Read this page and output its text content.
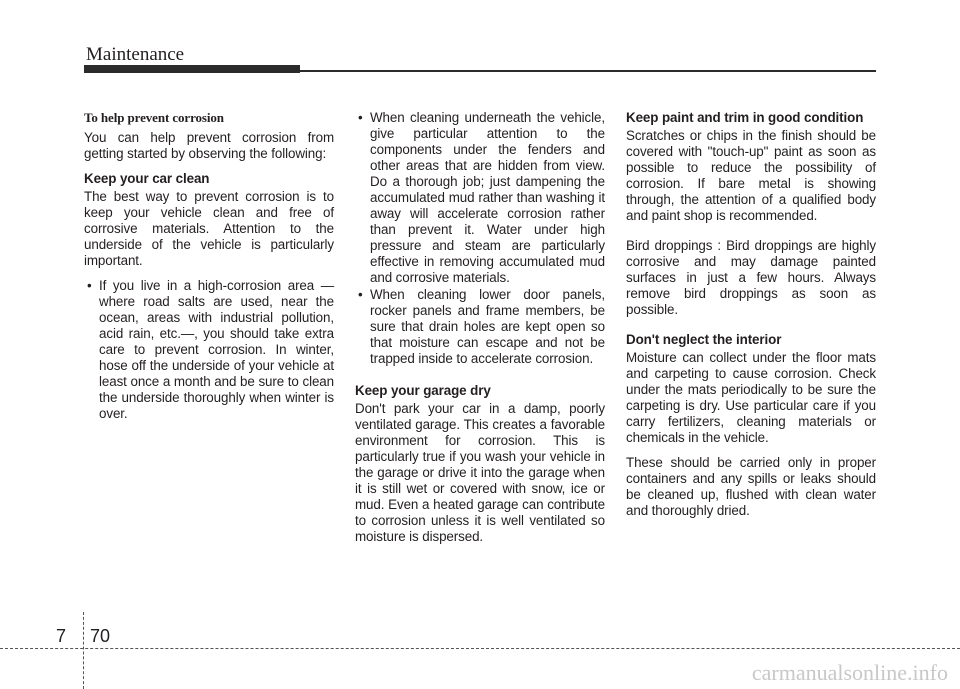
Maintenance

To help prevent corrosion

You can help prevent corrosion from getting started by observing the following:

Keep your car clean

The best way to prevent corrosion is to keep your vehicle clean and free of corrosive materials. Attention to the underside of the vehicle is particularly important.

• If you live in a high-corrosion area — where road salts are used, near the ocean, areas with industrial pollution, acid rain, etc.—, you should take extra care to prevent corrosion. In winter, hose off the underside of your vehicle at least once a month and be sure to clean the underside thoroughly when winter is over.
• When cleaning underneath the vehicle, give particular attention to the components under the fenders and other areas that are hidden from view. Do a thorough job; just dampening the accumulated mud rather than washing it away will accelerate corrosion rather than prevent it. Water under high pressure and steam are particularly effective in removing accumulated mud and corrosive materials.
• When cleaning lower door panels, rocker panels and frame members, be sure that drain holes are kept open so that moisture can escape and not be trapped inside to accelerate corrosion.

Keep your garage dry

Don't park your car in a damp, poorly ventilated garage. This creates a favorable environment for corrosion. This is particularly true if you wash your vehicle in the garage or drive it into the garage when it is still wet or covered with snow, ice or mud. Even a heated garage can contribute to corrosion unless it is well ventilated so moisture is dispersed.

Keep paint and trim in good condition

Scratches or chips in the finish should be covered with "touch-up" paint as soon as possible to reduce the possibility of corrosion. If bare metal is showing through, the attention of a qualified body and paint shop is recommended.

Bird droppings : Bird droppings are highly corrosive and may damage painted surfaces in just a few hours. Always remove bird droppings as soon as possible.

Don't neglect the interior

Moisture can collect under the floor mats and carpeting to cause corrosion. Check under the mats periodically to be sure the carpeting is dry. Use particular care if you carry fertilizers, cleaning materials or chemicals in the vehicle.

These should be carried only in proper containers and any spills or leaks should be cleaned up, flushed with clean water and thoroughly dried.

7 70
carmanualsonline.info
